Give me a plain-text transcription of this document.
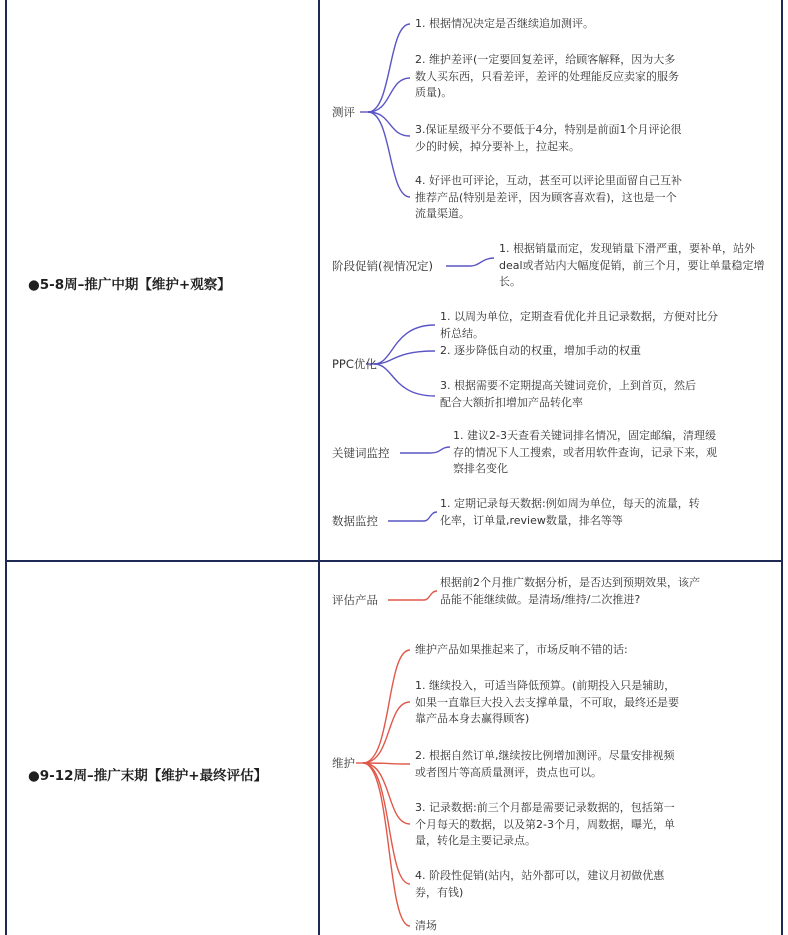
●5-8周–推广中期【维护+观察】
测评
1. 根据情况决定是否继续追加测评。
2. 维护差评(一定要回复差评，给顾客解释，因为大多数人买东西，只看差评，差评的处理能反应卖家的服务质量)。
3.保证星级平分不要低于4分，特别是前面1个月评论很少的时候，掉分要补上，拉起来。
4. 好评也可评论，互动，甚至可以评论里面留自己互补推荐产品(特别是差评，因为顾客喜欢看)，这也是一个流量渠道。
阶段促销(视情况定)
1. 根据销量而定，发现销量下滑严重，要补单，站外deal或者站内大幅度促销，前三个月，要让单量稳定增长。
PPC优化
1. 以周为单位，定期查看优化并且记录数据，方便对比分析总结。
2. 逐步降低自动的权重，增加手动的权重
3. 根据需要不定期提高关键词竞价，上到首页，然后配合大额折扣增加产品转化率
关键词监控
1. 建议2-3天查看关键词排名情况，固定邮编，清理缓存的情况下人工搜索，或者用软件查询，记录下来，观察排名变化
数据监控
1. 定期记录每天数据:例如周为单位，每天的流量，转化率，订单量,review数量，排名等等
●9-12周–推广末期【维护+最终评估】
评估产品
根据前2个月推广数据分析，是否达到预期效果，该产品能不能继续做。是清场/维持/二次推进?
维护
维护产品如果推起来了，市场反响不错的话:
1. 继续投入，可适当降低预算。(前期投入只是辅助，如果一直靠巨大投入去支撑单量，不可取，最终还是要靠产品本身去赢得顾客)
2. 根据自然订单,继续按比例增加测评。尽量安排视频或者图片等高质量测评，贵点也可以。
3. 记录数据:前三个月都是需要记录数据的，包括第一个月每天的数据，以及第2-3个月，周数据，曝光，单量，转化是主要记录点。
4. 阶段性促销(站内，站外都可以，建议月初做优惠券，有钱)
清场
